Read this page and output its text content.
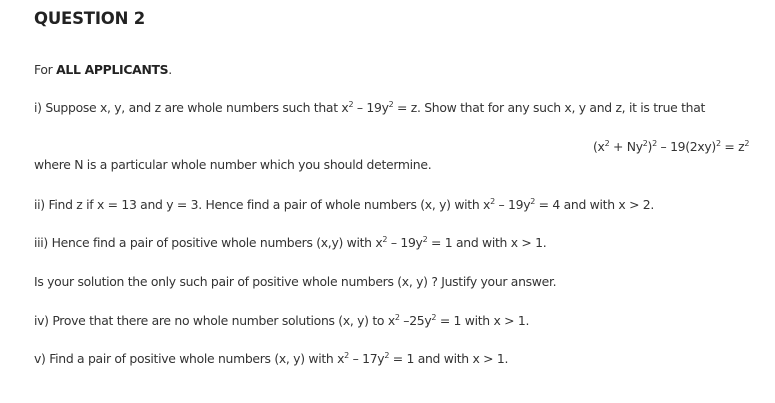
QUESTION 2
For ALL APPLICANTS.
i) Suppose x, y, and z are whole numbers such that $x^2 - 19y^2 = z$. Show that for any such x, y and z, it is true that
$(x^2 + Ny^2)^2 - 19(2xy)^2 = z^2$
where N is a particular whole number which you should determine.
ii) Find z if x = 13 and y = 3. Hence find a pair of whole numbers (x, y) with $x^2 - 19y^2 = 4$ and with x > 2.
iii) Hence find a pair of positive whole numbers (x,y) with $x^2 - 19y^2 = 1$ and with x > 1.
Is your solution the only such pair of positive whole numbers (x, y) ? Justify your answer.
iv) Prove that there are no whole number solutions (x, y) to $x^2$ $-25y^2 = 1$ with x > 1.
v) Find a pair of positive whole numbers (x, y) with $x^2 - 17y^2 = 1$ and with x > 1.
